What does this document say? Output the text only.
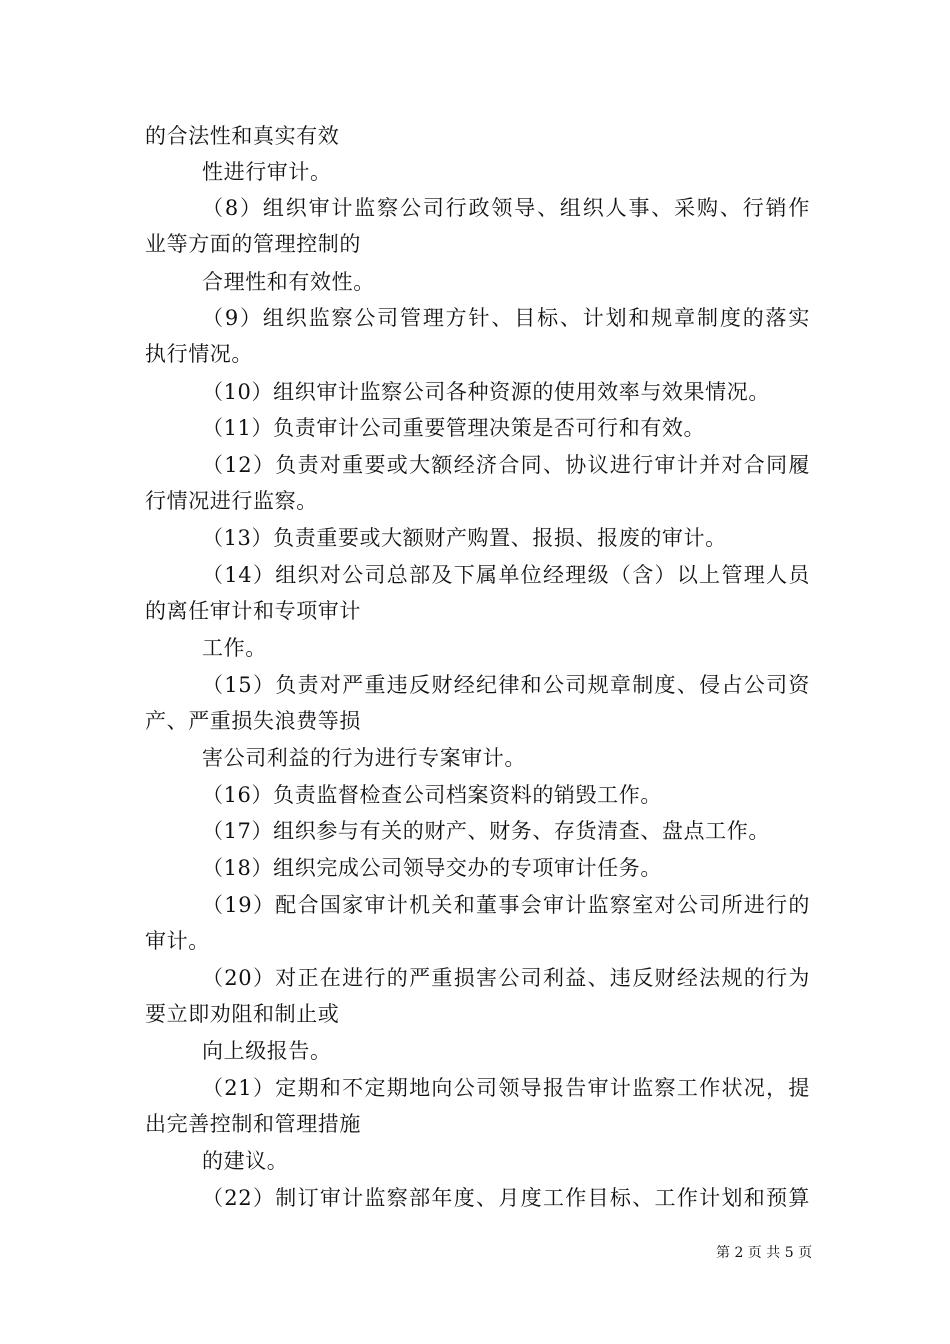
的合法性和真实有效
性进行审计。
（8）组织审计监察公司行政领导、组织人事、采购、行销作
业等方面的管理控制的
合理性和有效性。
（9）组织监察公司管理方针、目标、计划和规章制度的落实
执行情况。
（10）组织审计监察公司各种资源的使用效率与效果情况。
（11）负责审计公司重要管理决策是否可行和有效。
（12）负责对重要或大额经济合同、协议进行审计并对合同履
行情况进行监察。
（13）负责重要或大额财产购置、报损、报废的审计。
（14）组织对公司总部及下属单位经理级（含）以上管理人员
的离任审计和专项审计
工作。
（15）负责对严重违反财经纪律和公司规章制度、侵占公司资
产、严重损失浪费等损
害公司利益的行为进行专案审计。
（16）负责监督检查公司档案资料的销毁工作。
（17）组织参与有关的财产、财务、存货清查、盘点工作。
（18）组织完成公司领导交办的专项审计任务。
（19）配合国家审计机关和董事会审计监察室对公司所进行的
审计。
（20）对正在进行的严重损害公司利益、违反财经法规的行为
要立即劝阻和制止或
向上级报告。
（21）定期和不定期地向公司领导报告审计监察工作状况，提
出完善控制和管理措施
的建议。
（22）制订审计监察部年度、月度工作目标、工作计划和预算
第 2 页 共 5 页
